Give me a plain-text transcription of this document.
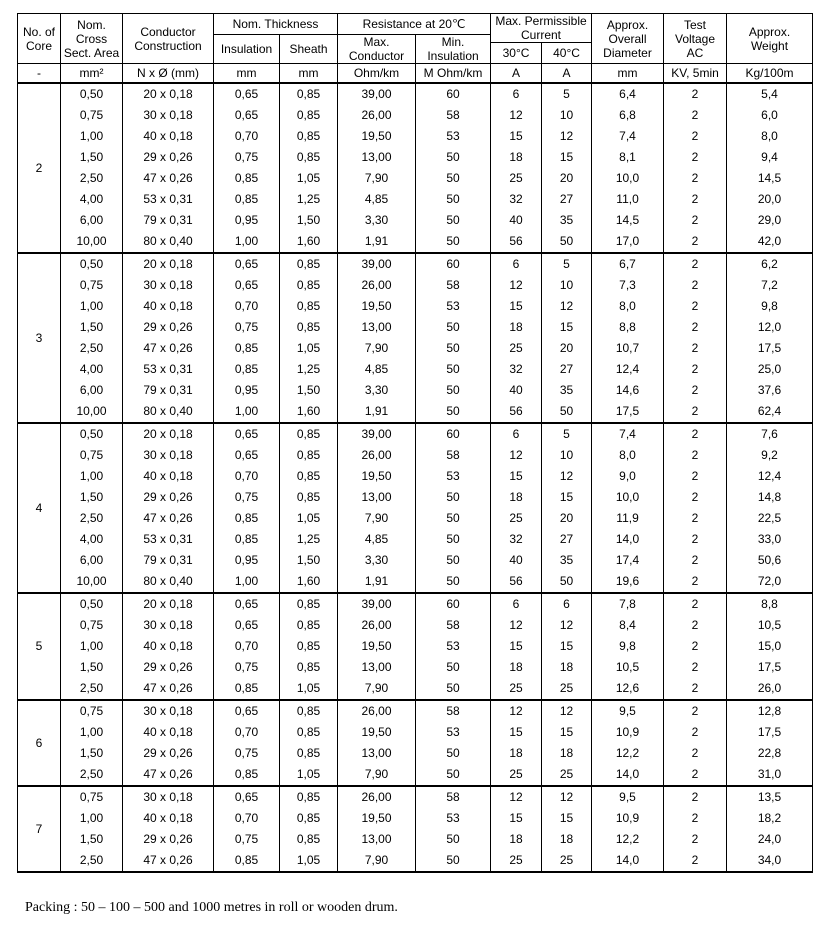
No. of Core	Nom. Cross Sect. Area	Conductor Construction	Nom. Thickness		Resistance at 20℃		Max. Permissible Current		Approx. Overall Diameter	Test Voltage AC	Approx. Weight
			Insulation	Sheath	Max. Conductor	Min. Insulation					
							30°C	40°C			
-	mm²	N x Ø (mm)	mm	mm	Ohm/km	M Ohm/km	A	A	mm	KV, 5min	Kg/100m
2	0,50	20 x 0,18	0,65	0,85	39,00	60	6	5	6,4	2	5,4
	0,75	30 x 0,18	0,65	0,85	26,00	58	12	10	6,8	2	6,0
	1,00	40 x 0,18	0,70	0,85	19,50	53	15	12	7,4	2	8,0
	1,50	29 x 0,26	0,75	0,85	13,00	50	18	15	8,1	2	9,4
	2,50	47 x 0,26	0,85	1,05	7,90	50	25	20	10,0	2	14,5
	4,00	53 x 0,31	0,85	1,25	4,85	50	32	27	11,0	2	20,0
	6,00	79 x 0,31	0,95	1,50	3,30	50	40	35	14,5	2	29,0
	10,00	80 x 0,40	1,00	1,60	1,91	50	56	50	17,0	2	42,0
3	0,50	20 x 0,18	0,65	0,85	39,00	60	6	5	6,7	2	6,2
	0,75	30 x 0,18	0,65	0,85	26,00	58	12	10	7,3	2	7,2
	1,00	40 x 0,18	0,70	0,85	19,50	53	15	12	8,0	2	9,8
	1,50	29 x 0,26	0,75	0,85	13,00	50	18	15	8,8	2	12,0
	2,50	47 x 0,26	0,85	1,05	7,90	50	25	20	10,7	2	17,5
	4,00	53 x 0,31	0,85	1,25	4,85	50	32	27	12,4	2	25,0
	6,00	79 x 0,31	0,95	1,50	3,30	50	40	35	14,6	2	37,6
	10,00	80 x 0,40	1,00	1,60	1,91	50	56	50	17,5	2	62,4
4	0,50	20 x 0,18	0,65	0,85	39,00	60	6	5	7,4	2	7,6
	0,75	30 x 0,18	0,65	0,85	26,00	58	12	10	8,0	2	9,2
	1,00	40 x 0,18	0,70	0,85	19,50	53	15	12	9,0	2	12,4
	1,50	29 x 0,26	0,75	0,85	13,00	50	18	15	10,0	2	14,8
	2,50	47 x 0,26	0,85	1,05	7,90	50	25	20	11,9	2	22,5
	4,00	53 x 0,31	0,85	1,25	4,85	50	32	27	14,0	2	33,0
	6,00	79 x 0,31	0,95	1,50	3,30	50	40	35	17,4	2	50,6
	10,00	80 x 0,40	1,00	1,60	1,91	50	56	50	19,6	2	72,0
5	0,50	20 x 0,18	0,65	0,85	39,00	60	6	6	7,8	2	8,8
	0,75	30 x 0,18	0,65	0,85	26,00	58	12	12	8,4	2	10,5
	1,00	40 x 0,18	0,70	0,85	19,50	53	15	15	9,8	2	15,0
	1,50	29 x 0,26	0,75	0,85	13,00	50	18	18	10,5	2	17,5
	2,50	47 x 0,26	0,85	1,05	7,90	50	25	25	12,6	2	26,0
6	0,75	30 x 0,18	0,65	0,85	26,00	58	12	12	9,5	2	12,8
	1,00	40 x 0,18	0,70	0,85	19,50	53	15	15	10,9	2	17,5
	1,50	29 x 0,26	0,75	0,85	13,00	50	18	18	12,2	2	22,8
	2,50	47 x 0,26	0,85	1,05	7,90	50	25	25	14,0	2	31,0
7	0,75	30 x 0,18	0,65	0,85	26,00	58	12	12	9,5	2	13,5
	1,00	40 x 0,18	0,70	0,85	19,50	53	15	15	10,9	2	18,2
	1,50	29 x 0,26	0,75	0,85	13,00	50	18	18	12,2	2	24,0
	2,50	47 x 0,26	0,85	1,05	7,90	50	25	25	14,0	2	34,0
Packing : 50 – 100 – 500 and 1000 metres in roll or wooden drum.
